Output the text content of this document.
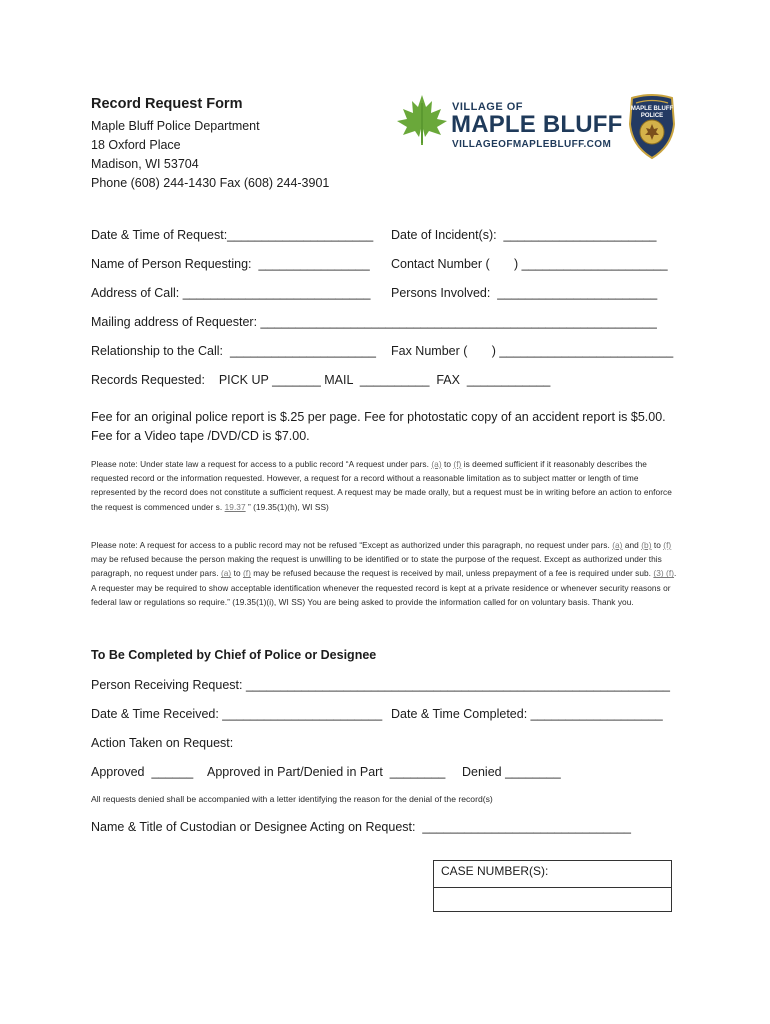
Record Request Form
Maple Bluff Police Department
18 Oxford Place
Madison, WI 53704
Phone (608) 244-1430 Fax (608) 244-3901
VILLAGE OF
MAPLE BLUFF
VILLAGEOFMAPLEBLUFF.COM
MAPLE BLUFF
POLICE
Date & Time of Request:_____________________ Date of Incident(s):  ______________________
Name of Person Requesting:  ________________ Contact Number (       ) _____________________
Address of Call: ___________________________ Persons Involved:  _______________________
Mailing address of Requester: _________________________________________________________
Relationship to the Call:  _____________________ Fax Number (       ) _________________________
Records Requested:    PICK UP _______ MAIL  __________  FAX  ____________
Fee for an original police report is $.25 per page. Fee for photostatic copy of an accident report is $5.00.
Fee for a Video tape /DVD/CD is $7.00.
Please note: Under state law a request for access to a public record “A request under pars. (a) to (f) is deemed sufficient if it reasonably describes the requested record or the information requested. However, a request for a record without a reasonable limitation as to subject matter or length of time represented by the record does not constitute a sufficient request. A request may be made orally, but a request must be in writing before an action to enforce the request is commenced under s. 19.37 ” (19.35(1)(h), WI SS)
Please note: A request for access to a public record may not be refused “Except as authorized under this paragraph, no request under pars. (a) and (b) to (f) may be refused because the person making the request is unwilling to be identified or to state the purpose of the request. Except as authorized under this paragraph, no request under pars. (a) to (f) may be refused because the request is received by mail, unless prepayment of a fee is required under sub. (3) (f). A requester may be required to show acceptable identification whenever the requested record is kept at a private residence or whenever security reasons or federal law or regulations so require.” (19.35(1)(i), WI SS) You are being asked to provide the information called for on voluntary basis. Thank you.
To Be Completed by Chief of Police or Designee
Person Receiving Request: _____________________________________________________________
Date & Time Received: _______________________ Date & Time Completed: ___________________
Action Taken on Request:
Approved  ______ Approved in Part/Denied in Part  ________ Denied ________
All requests denied shall be accompanied with a letter identifying the reason for the denial of the record(s)
Name & Title of Custodian or Designee Acting on Request:  ______________________________
CASE NUMBER(S):
